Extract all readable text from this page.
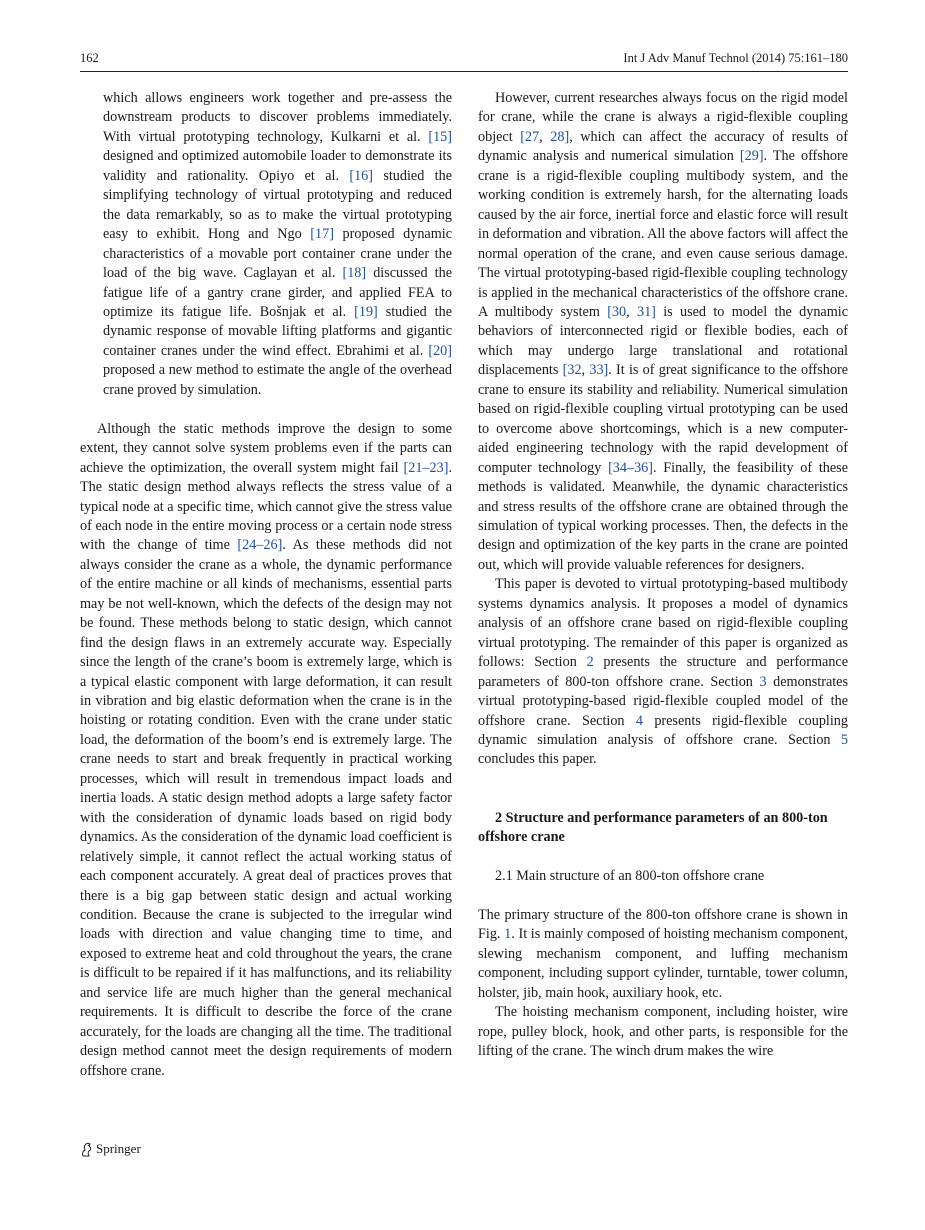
162	Int J Adv Manuf Technol (2014) 75:161–180

which allows engineers work together and pre-assess the downstream products to discover problems immediately. With virtual prototyping technology, Kulkarni et al. [15] designed and optimized automobile loader to demonstrate its validity and rationality. Opiyo et al. [16] studied the simplifying technology of virtual prototyping and reduced the data remarkably, so as to make the virtual prototyping easy to exhibit. Hong and Ngo [17] proposed dynamic characteristics of a movable port container crane under the load of the big wave. Caglayan et al. [18] discussed the fatigue life of a gantry crane girder, and applied FEA to optimize its fatigue life. Bošnjak et al. [19] studied the dynamic response of movable lifting platforms and gigantic container cranes under the wind effect. Ebrahimi et al. [20] proposed a new method to estimate the angle of the overhead crane proved by simulation.

Although the static methods improve the design to some extent, they cannot solve system problems even if the parts can achieve the optimization, the overall system might fail [21–23]. The static design method always reflects the stress value of a typical node at a specific time, which cannot give the stress value of each node in the entire moving process or a certain node stress with the change of time [24–26]. As these methods did not always consider the crane as a whole, the dynamic performance of the entire machine or all kinds of mechanisms, essential parts may be not well-known, which the defects of the design may not be found. These methods belong to static design, which cannot find the design flaws in an extremely accurate way. Especially since the length of the crane’s boom is extremely large, which is a typical elastic component with large deformation, it can result in vibration and big elastic deformation when the crane is in the hoisting or rotating condition. Even with the crane under static load, the deformation of the boom’s end is extremely large. The crane needs to start and break frequently in practical working processes, which will result in tremendous impact loads and inertia loads. A static design method adopts a large safety factor with the consideration of dynamic loads based on rigid body dynamics. As the consideration of the dynamic load coefficient is relatively simple, it cannot reflect the actual working status of each component accurately. A great deal of practices proves that there is a big gap between static design and actual working condition. Because the crane is subjected to the irregular wind loads with direction and value changing time to time, and exposed to extreme heat and cold throughout the years, the crane is difficult to be repaired if it has malfunctions, and its reliability and service life are much higher than the general mechanical requirements. It is difficult to describe the force of the crane accurately, for the loads are changing all the time. The traditional design method cannot meet the design requirements of modern offshore crane.

However, current researches always focus on the rigid model for crane, while the crane is always a rigid-flexible coupling object [27, 28], which can affect the accuracy of results of dynamic analysis and numerical simulation [29]. The offshore crane is a rigid-flexible coupling multibody system, and the working condition is extremely harsh, for the alternating loads caused by the air force, inertial force and elastic force will result in deformation and vibration. All the above factors will affect the normal operation of the crane, and even cause serious damage. The virtual prototyping-based rigid-flexible coupling technology is applied in the mechanical characteristics of the offshore crane. A multibody system [30, 31] is used to model the dynamic behaviors of interconnected rigid or flexible bodies, each of which may undergo large translational and rotational displacements [32, 33]. It is of great significance to the offshore crane to ensure its stability and reliability. Numerical simulation based on rigid-flexible coupling virtual prototyping can be used to overcome above shortcomings, which is a new computer-aided engineering technology with the rapid development of computer technology [34–36]. Finally, the feasibility of these methods is validated. Meanwhile, the dynamic characteristics and stress results of the offshore crane are obtained through the simulation of typical working processes. Then, the defects in the design and optimization of the key parts in the crane are pointed out, which will provide valuable references for designers.

This paper is devoted to virtual prototyping-based multibody systems dynamics analysis. It proposes a model of dynamics analysis of an offshore crane based on rigid-flexible coupling virtual prototyping. The remainder of this paper is organized as follows: Section 2 presents the structure and performance parameters of 800-ton offshore crane. Section 3 demonstrates virtual prototyping-based rigid-flexible coupled model of the offshore crane. Section 4 presents rigid-flexible coupling dynamic simulation analysis of offshore crane. Section 5 concludes this paper.

2 Structure and performance parameters of an 800-ton offshore crane

2.1 Main structure of an 800-ton offshore crane

The primary structure of the 800-ton offshore crane is shown in Fig. 1. It is mainly composed of hoisting mechanism component, slewing mechanism component, and luffing mechanism component, including support cylinder, turntable, tower column, holster, jib, main hook, auxiliary hook, etc.

The hoisting mechanism component, including hoister, wire rope, pulley block, hook, and other parts, is responsible for the lifting of the crane. The winch drum makes the wire

Springer
